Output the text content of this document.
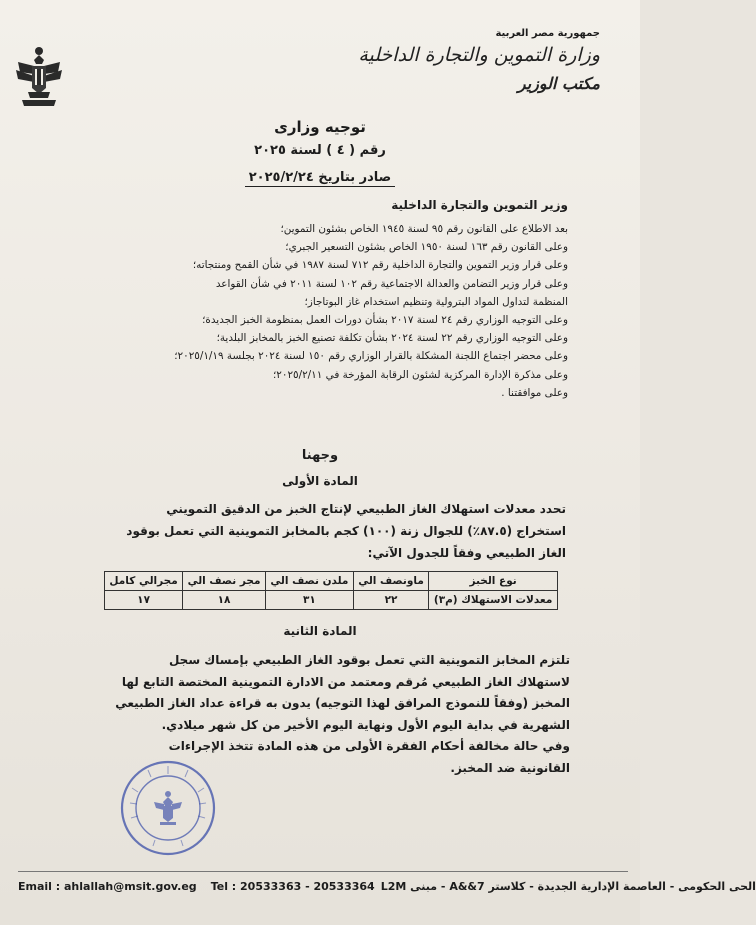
جمهورية مصر العربية
وزارة التموين والتجارة الداخلية
مكتب الوزير
توجيه وزارى
رقم ( ٤ ) لسنة ٢٠٢٥
صادر بتاريخ ٢٠٢٥/٢/٢٤
وزير التموين والتجارة الداخلية
بعد الاطلاع على القانون رقم ٩٥ لسنة ١٩٤٥ الخاص بشئون التموين؛
وعلى القانون رقم ١٦٣ لسنة ١٩٥٠ الخاص بشئون التسعير الجبري؛
وعلى قرار وزير التموين والتجارة الداخلية رقم ٧١٢ لسنة ١٩٨٧ في شأن القمح ومنتجاته؛
وعلى قرار وزير التضامن والعدالة الاجتماعية رقم ١٠٢ لسنة ٢٠١١ في شأن القواعد
المنظمة لتداول المواد البترولية وتنظيم استخدام غاز البوتاجاز؛
وعلى التوجيه الوزاري رقم ٢٤ لسنة ٢٠١٧ بشأن دورات العمل بمنظومة الخبز الجديدة؛
وعلى التوجيه الوزاري رقم ٢٢ لسنة ٢٠٢٤ بشأن تكلفة تصنيع الخبز بالمخابز البلدية؛
وعلى محضر اجتماع اللجنة المشكلة بالقرار الوزاري رقم ١٥٠ لسنة ٢٠٢٤ بجلسة ٢٠٢٥/١/١٩؛
وعلى مذكرة الإدارة المركزية لشئون الرقابة المؤرخة في ٢٠٢٥/٢/١١؛
وعلى موافقتنا .
وجهنا
المادة الأولى
تحدد معدلات استهلاك الغاز الطبيعي لإنتاج الخبز من الدقيق التمويني
استخراج (٨٧.٥٪) للجوال زنة (١٠٠) كجم بالمخابز التموينية التي تعمل بوقود
الغاز الطبيعي وفقاً للجدول الآتي:
نوع الخبز	ماونصف الي	ملدن نصف الي	مجر نصف الي	مجرالي كامل
معدلات الاستهلاك (م٣)	٢٢	٣١	١٨	١٧
المادة الثانية
تلتزم المخابز التموينية التي تعمل بوقود الغاز الطبيعي بإمساك سجل
لاستهلاك الغاز الطبيعي مُرقم ومعتمد من الادارة التموينية المختصة التابع لها
المخبز (وفقاً للنموذج المرافق لهذا التوجيه) يدون به قراءة عداد الغاز الطبيعي
الشهرية في بداية اليوم الأول ونهاية اليوم الأخير من كل شهر ميلادي.
وفي حالة مخالفة أحكام الفقرة الأولى من هذه المادة تتخذ الإجراءات
القانونية ضد المخبز.
Email : ahlallah@msit.gov.eg Tel : 20533363 - 20533364 الحى الحكومى - العاصمة الإدارية الجديدة - كلاستر A&&7 - مبنى L2M
